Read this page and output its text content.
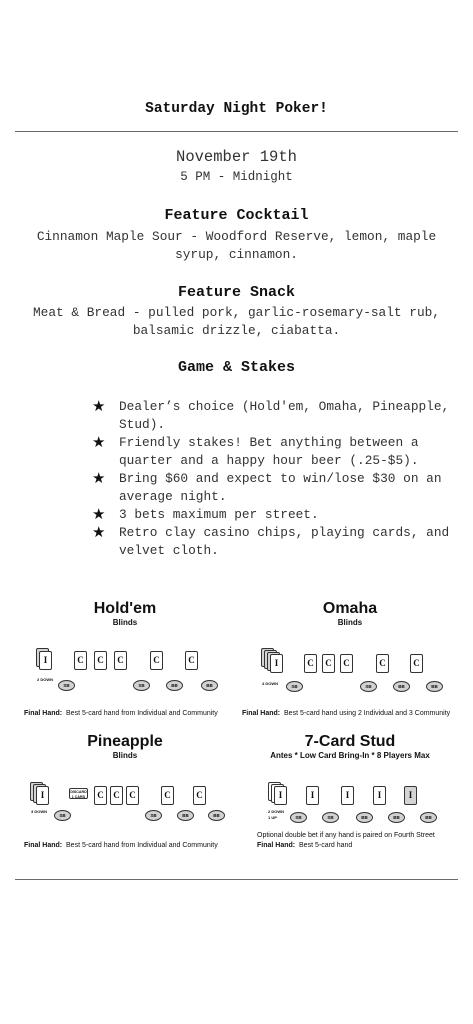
Saturday Night Poker!
November 19th
5 PM - Midnight
Feature Cocktail
Cinnamon Maple Sour - Woodford Reserve, lemon, maple
syrup, cinnamon.
Feature Snack
Meat & Bread - pulled pork, garlic-rosemary-salt rub,
balsamic drizzle, ciabatta.
Game & Stakes
★ Dealer’s choice (Hold'em, Omaha, Pineapple, Stud).
★ Friendly stakes! Bet anything between a quarter and a happy hour beer (.25-$5).
★ Bring $60 and expect to win/lose $30 on an average night.
★ 3 bets maximum per street.
★ Retro clay casino chips, playing cards, and velvet cloth.
Hold'em
Blinds
I
2 DOWN
SB
C C C	C	C
SB	BB	BB
Final Hand: Best 5-card hand from Individual and Community
Omaha
Blinds
I
4 DOWN
SB
C C C	C	C
SB	BB	BB
Final Hand: Best 5-card hand using 2 Individual and 3 Community
Pineapple
Blinds
I
3 DOWN
SB
DISCARD
1 CARD C C C	C	C
SB	BB	BB
Final Hand: Best 5-card hand from Individual and Community
7-Card Stud
Antes * Low Card Bring-In * 8 Players Max
I
2 DOWN
1 UP	SB
I	I	I	I
SB	BB	BB	BB
Optional double bet if any hand is paired on Fourth Street
Final Hand: Best 5-card hand
